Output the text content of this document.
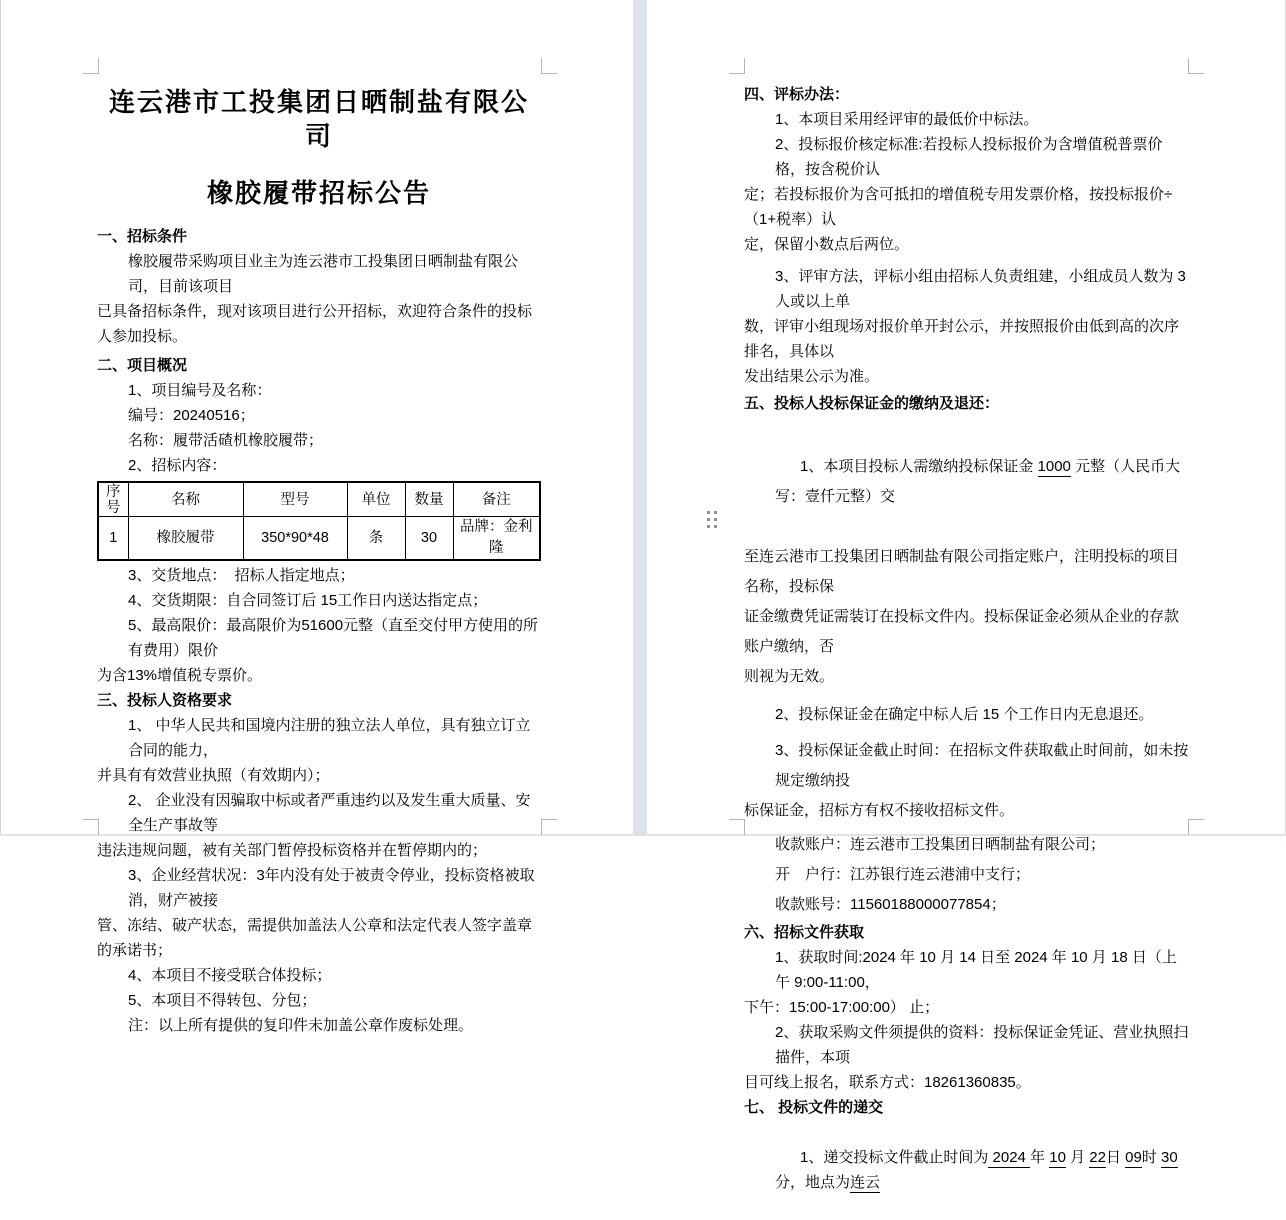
连云港市工投集团日晒制盐有限公司
橡胶履带招标公告
一、招标条件
橡胶履带采购项目业主为连云港市工投集团日晒制盐有限公司，目前该项目
已具备招标条件，现对该项目进行公开招标，欢迎符合条件的投标人参加投标。
二、项目概况
1、项目编号及名称：
编号：20240516；
名称：履带活碴机橡胶履带；
2、招标内容：
序号	名称	型号	单位	数量	备注
1	橡胶履带	350*90*48	条	30	品牌：金利隆
3、交货地点：  招标人指定地点；
4、交货期限：自合同签订后 15工作日内送达指定点；
5、最高限价：最高限价为51600元整（直至交付甲方使用的所有费用）限价
为含13%增值税专票价。
三、投标人资格要求
1、 中华人民共和国境内注册的独立法人单位，具有独立订立合同的能力，
并具有有效营业执照（有效期内）；
2、 企业没有因骗取中标或者严重违约以及发生重大质量、安全生产事故等
违法违规问题，被有关部门暂停投标资格并在暂停期内的；
3、企业经营状况：3年内没有处于被责令停业，投标资格被取消，财产被接
管、冻结、破产状态，需提供加盖法人公章和法定代表人签字盖章的承诺书；
4、本项目不接受联合体投标；
5、本项目不得转包、分包；
注：以上所有提供的复印件未加盖公章作废标处理。
四、评标办法：
1、本项目采用经评审的最低价中标法。
2、投标报价核定标准:若投标人投标报价为含增值税普票价格，按含税价认
定；若投标报价为含可抵扣的增值税专用发票价格，按投标报价÷（1+税率）认
定，保留小数点后两位。
3、评审方法，评标小组由招标人负责组建，小组成员人数为 3 人或以上单
数，评审小组现场对报价单开封公示，并按照报价由低到高的次序排名，具体以
发出结果公示为准。
五、投标人投标保证金的缴纳及退还：

1、本项目投标人需缴纳投标保证金 1000 元整（人民币大写：壹仟元整）交

至连云港市工投集团日晒制盐有限公司指定账户，注明投标的项目名称，投标保
证金缴费凭证需装订在投标文件内。投标保证金必须从企业的存款账户缴纳，否
则视为无效。
2、投标保证金在确定中标人后 15 个工作日内无息退还。
3、投标保证金截止时间：在招标文件获取截止时间前，如未按规定缴纳投
标保证金，招标方有权不接收招标文件。
收款账户：连云港市工投集团日晒制盐有限公司；
开　户行：江苏银行连云港浦中支行；
收款账号：11560188000077854；
六、招标文件获取
1、获取时间:2024 年 10 月 14 日至 2024 年 10 月 18 日（上午 9:00-11:00，
下午：15:00-17:00:00） 止；
2、获取采购文件须提供的资料：投标保证金凭证、营业执照扫描件，本项
目可线上报名，联系方式：18261360835。
七、 投标文件的递交

1、递交投标文件截止时间为 2024 年 10 月 22日 09时 30分，地点为连云
